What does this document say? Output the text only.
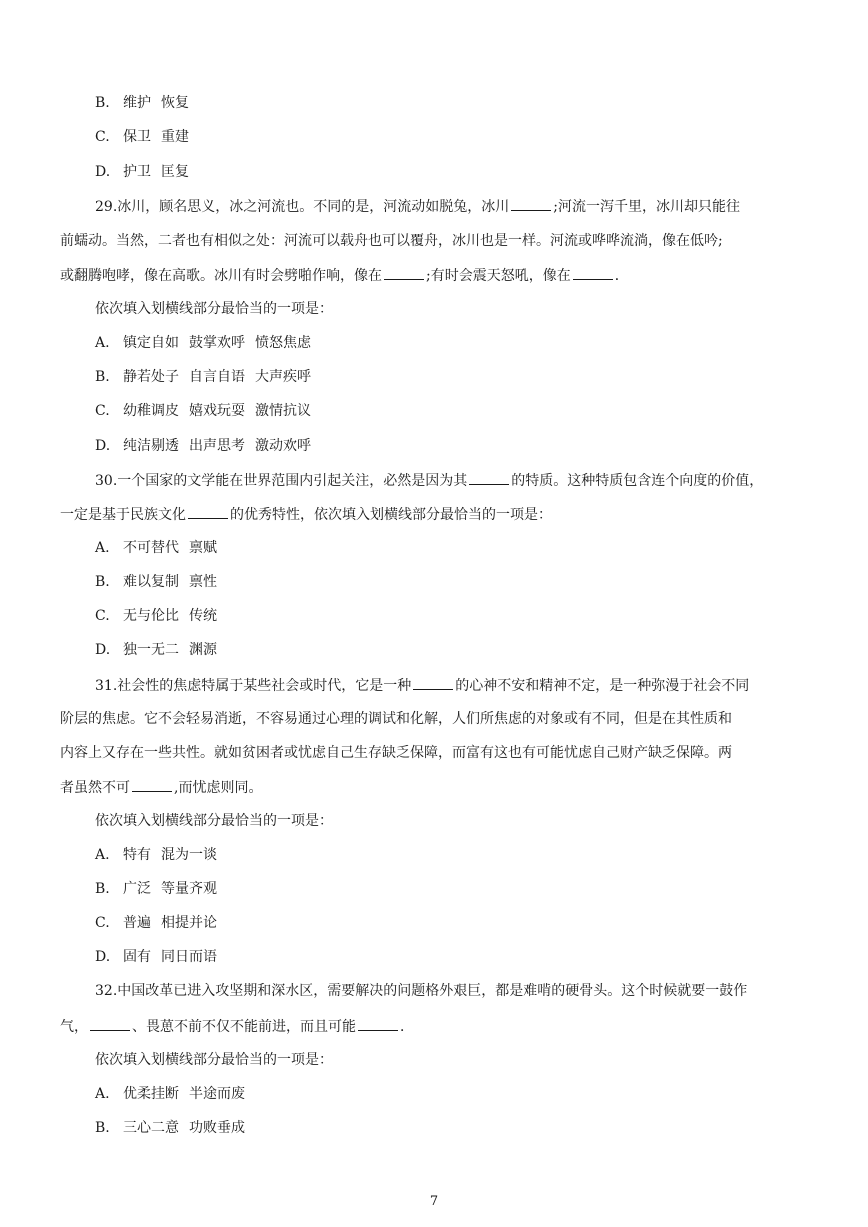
B. 维护 恢复
C. 保卫 重建
D. 护卫 匡复
29.冰川，顾名思义，冰之河流也。不同的是，河流动如脱兔，冰川	;河流一泻千里，冰川却只能往
前蠕动。当然，二者也有相似之处：河流可以载舟也可以覆舟，冰川也是一样。河流或哗哗流淌，像在低吟;
或翻腾咆哮，像在高歌。冰川有时会劈啪作响，像在	;有时会震天怒吼，像在	．
依次填入划横线部分最恰当的一项是：
A. 镇定自如 鼓掌欢呼 愤怒焦虑
B. 静若处子 自言自语 大声疾呼
C. 幼稚调皮 嬉戏玩耍 激情抗议
D. 纯洁剔透 出声思考 激动欢呼
30.一个国家的文学能在世界范围内引起关注，必然是因为其	的特质。这种特质包含连个向度的价值，
一定是基于民族文化	的优秀特性，依次填入划横线部分最恰当的一项是：
A. 不可替代 禀赋
B. 难以复制 禀性
C. 无与伦比 传统
D. 独一无二 渊源
31.社会性的焦虑特属于某些社会或时代，它是一种	的心神不安和精神不定，是一种弥漫于社会不同
阶层的焦虑。它不会轻易消逝，不容易通过心理的调试和化解，人们所焦虑的对象或有不同，但是在其性质和
内容上又存在一些共性。就如贫困者或忧虑自己生存缺乏保障，而富有这也有可能忧虑自己财产缺乏保障。两
者虽然不可	,而忧虑则同。
依次填入划横线部分最恰当的一项是：
A. 特有 混为一谈
B. 广泛 等量齐观
C. 普遍 相提并论
D. 固有 同日而语
32.中国改革已进入攻坚期和深水区，需要解决的问题格外艰巨，都是难啃的硬骨头。这个时候就要一鼓作
气，	、畏葸不前不仅不能前进，而且可能	．
依次填入划横线部分最恰当的一项是：
A. 优柔挂断 半途而废
B. 三心二意 功败垂成
7
